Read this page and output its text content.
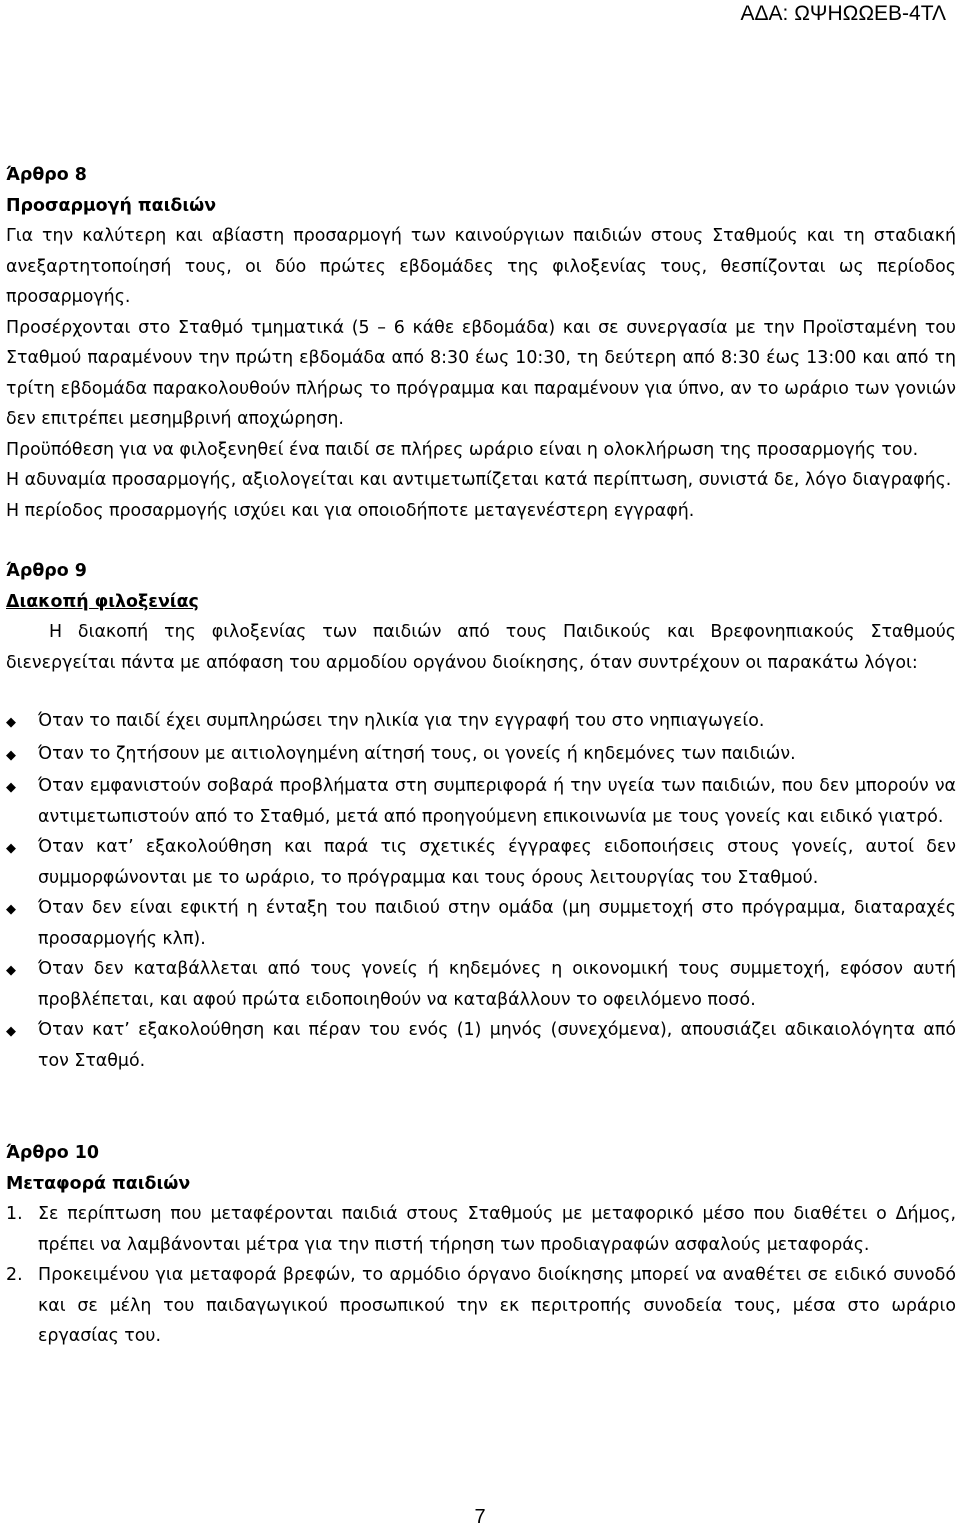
ΑΔΑ: ΩΨΗΩΩΕΒ-4ΤΛ

Άρθρο 8

Προσαρμογή παιδιών

Για την καλύτερη και αβίαστη προσαρμογή των καινούργιων παιδιών στους Σταθμούς και τη σταδιακή ανεξαρτητοποίησή τους, οι δύο πρώτες εβδομάδες της φιλοξενίας τους, θεσπίζονται ως περίοδος προσαρμογής.

Προσέρχονται στο Σταθμό τμηματικά (5 – 6 κάθε εβδομάδα) και σε συνεργασία με την Προϊσταμένη του Σταθμού παραμένουν την πρώτη εβδομάδα από 8:30 έως 10:30, τη δεύτερη από 8:30 έως 13:00 και από τη τρίτη εβδομάδα παρακολουθούν πλήρως το πρόγραμμα και παραμένουν για ύπνο, αν το ωράριο των γονιών δεν επιτρέπει μεσημβρινή αποχώρηση.

Προϋπόθεση για να φιλοξενηθεί ένα παιδί σε πλήρες ωράριο είναι η ολοκλήρωση της προσαρμογής του.

Η αδυναμία προσαρμογής, αξιολογείται και αντιμετωπίζεται κατά περίπτωση, συνιστά δε, λόγο διαγραφής.

Η περίοδος προσαρμογής ισχύει και για οποιοδήποτε μεταγενέστερη εγγραφή.

Άρθρο 9

Διακοπή φιλοξενίας

Η διακοπή της φιλοξενίας των παιδιών από τους Παιδικούς και Βρεφονηπιακούς Σταθμούς διενεργείται πάντα με απόφαση του αρμοδίου οργάνου διοίκησης, όταν συντρέχουν οι παρακάτω λόγοι:

◆	Όταν το παιδί έχει συμπληρώσει την ηλικία για την εγγραφή του στο νηπιαγωγείο.
◆	Όταν το ζητήσουν με αιτιολογημένη αίτησή τους, οι γονείς ή κηδεμόνες των παιδιών.
◆	Όταν εμφανιστούν σοβαρά προβλήματα στη συμπεριφορά ή την υγεία των παιδιών, που δεν μπορούν να αντιμετωπιστούν από το Σταθμό, μετά από προηγούμενη επικοινωνία με τους γονείς και ειδικό γιατρό.
◆	Όταν κατ’ εξακολούθηση και παρά τις σχετικές έγγραφες ειδοποιήσεις στους γονείς, αυτοί δεν συμμορφώνονται με το ωράριο, το πρόγραμμα και τους όρους λειτουργίας του Σταθμού.
◆	Όταν δεν είναι εφικτή η ένταξη του παιδιού στην ομάδα (μη συμμετοχή στο πρόγραμμα, διαταραχές προσαρμογής κλπ).
◆	Όταν δεν καταβάλλεται από τους γονείς ή κηδεμόνες η οικονομική τους συμμετοχή, εφόσον αυτή προβλέπεται, και αφού πρώτα ειδοποιηθούν να καταβάλλουν το οφειλόμενο ποσό.
◆	Όταν κατ’ εξακολούθηση και πέραν του ενός (1) μηνός (συνεχόμενα), απουσιάζει αδικαιολόγητα από τον Σταθμό.

Άρθρο 10

Μεταφορά παιδιών

1. Σε περίπτωση που μεταφέρονται παιδιά στους Σταθμούς με μεταφορικό μέσο που διαθέτει ο Δήμος, πρέπει να λαμβάνονται μέτρα για την πιστή τήρηση των προδιαγραφών ασφαλούς μεταφοράς.
2. Προκειμένου για μεταφορά βρεφών, το αρμόδιο όργανο διοίκησης μπορεί να αναθέτει σε ειδικό συνοδό και σε μέλη του παιδαγωγικού προσωπικού την εκ περιτροπής συνοδεία τους, μέσα στο ωράριο εργασίας του.
7
